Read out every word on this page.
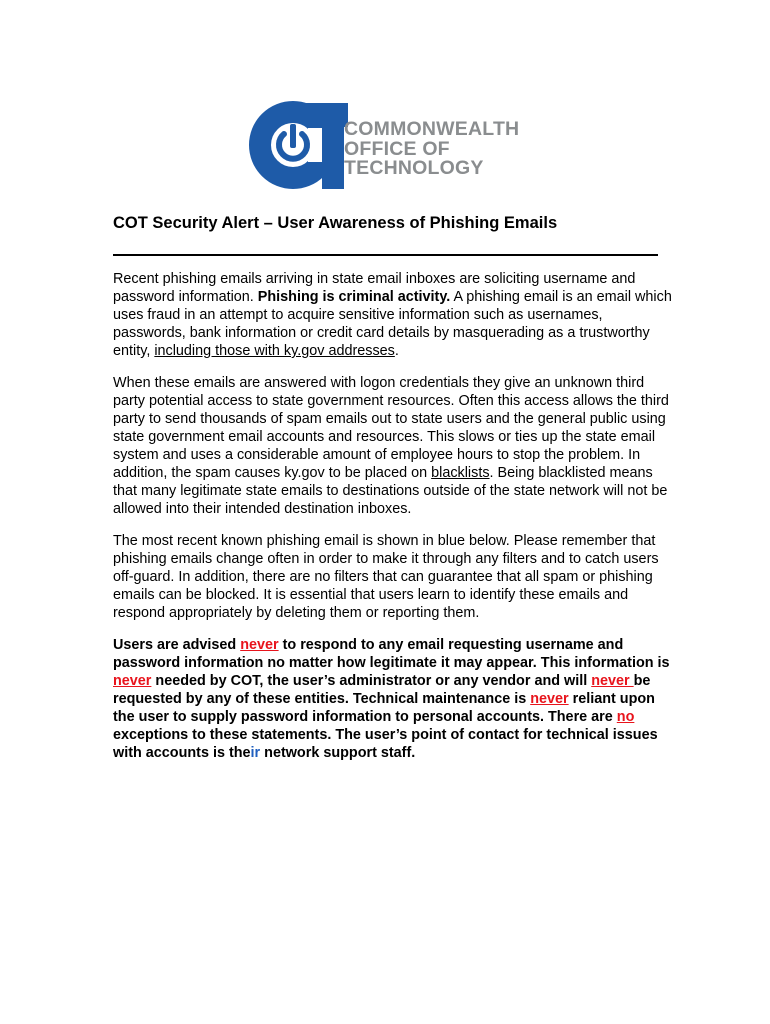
COMMONWEALTH
OFFICE OF
TECHNOLOGY
COT Security Alert – User Awareness of Phishing Emails

Recent phishing emails arriving in state email inboxes are soliciting username and password information. Phishing is criminal activity. A phishing email is an email which uses fraud in an attempt to acquire sensitive information such as usernames, passwords, bank information or credit card details by masquerading as a trustworthy entity, including those with ky.gov addresses.

When these emails are answered with logon credentials they give an unknown third party potential access to state government resources. Often this access allows the third party to send thousands of spam emails out to state users and the general public using state government email accounts and resources. This slows or ties up the state email system and uses a considerable amount of employee hours to stop the problem. In addition, the spam causes ky.gov to be placed on blacklists. Being blacklisted means that many legitimate state emails to destinations outside of the state network will not be allowed into their intended destination inboxes.

The most recent known phishing email is shown in blue below. Please remember that phishing emails change often in order to make it through any filters and to catch users off-guard. In addition, there are no filters that can guarantee that all spam or phishing emails can be blocked. It is essential that users learn to identify these emails and respond appropriately by deleting them or reporting them.

Users are advised never to respond to any email requesting username and password information no matter how legitimate it may appear. This information is never needed by COT, the user’s administrator or any vendor and will never be requested by any of these entities. Technical maintenance is never reliant upon the user to supply password information to personal accounts. There are no exceptions to these statements. The user’s point of contact for technical issues with accounts is their network support staff.
